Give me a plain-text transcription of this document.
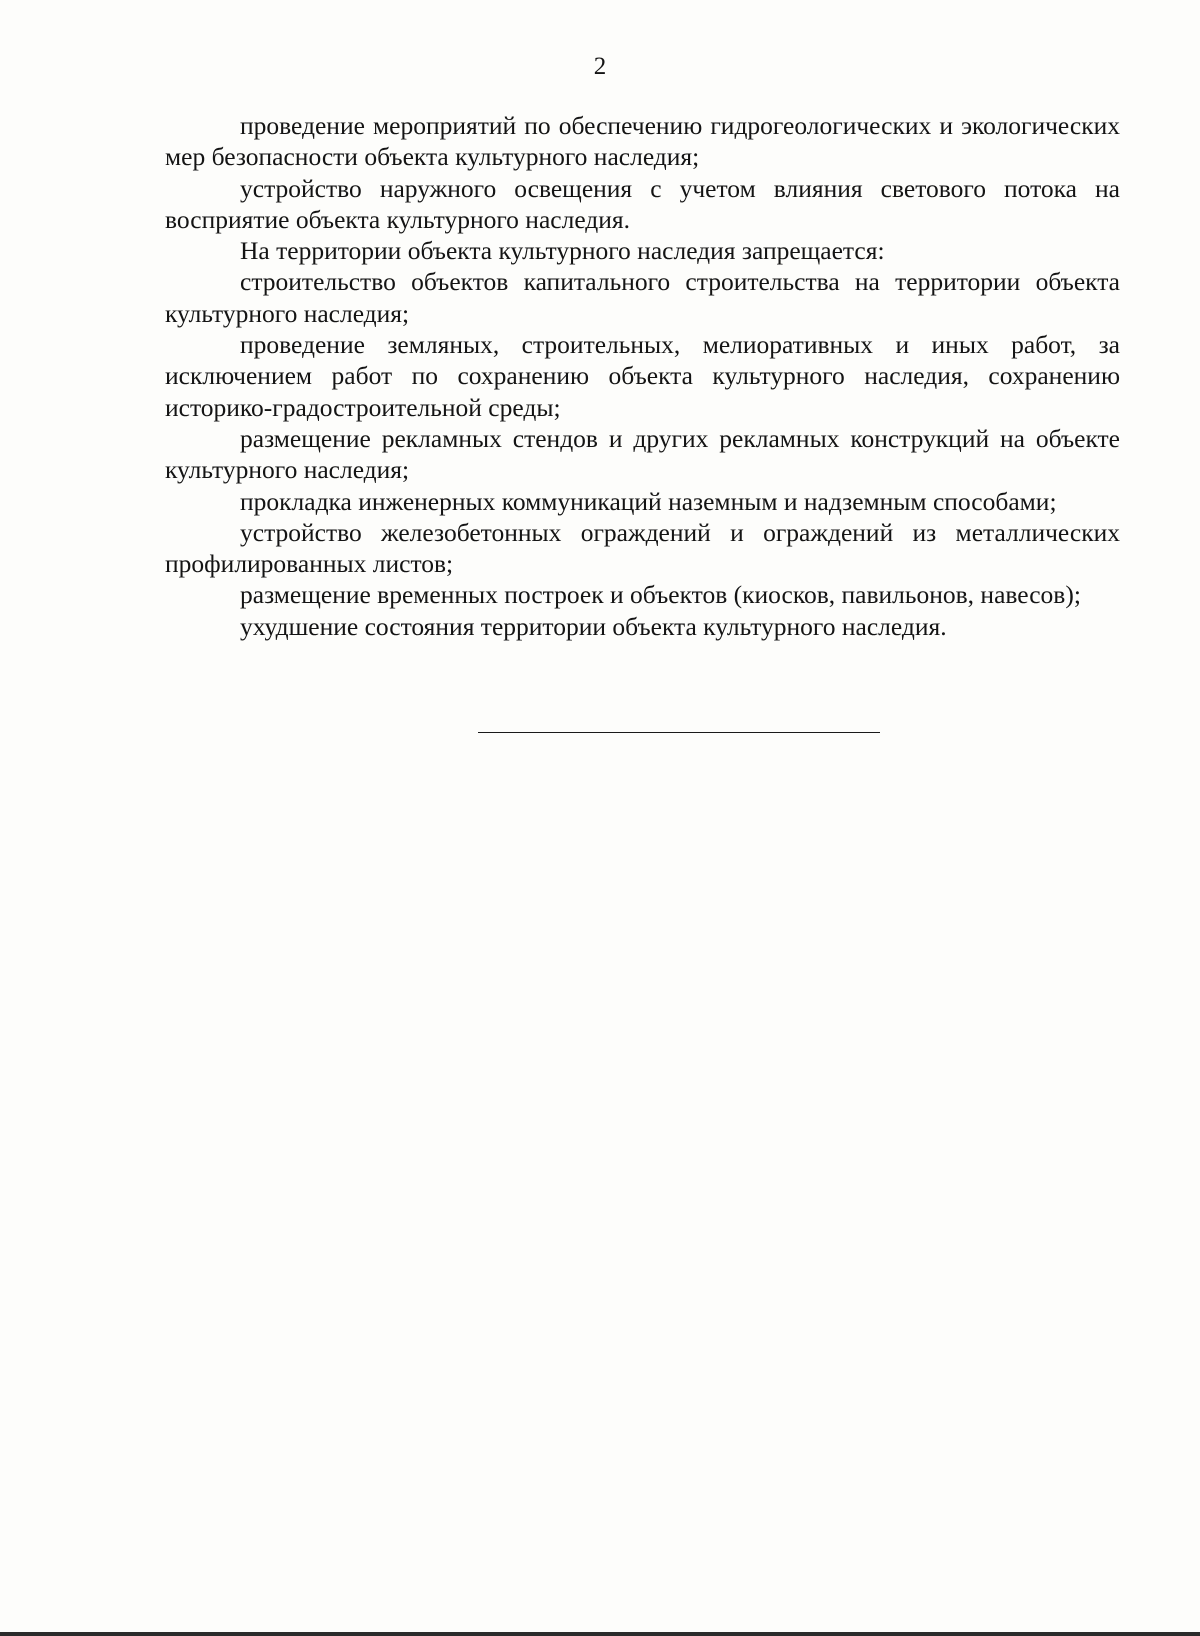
2

проведение мероприятий по обеспечению гидрогеологических и экологических мер безопасности объекта культурного наследия;

устройство наружного освещения с учетом влияния светового потока на восприятие объекта культурного наследия.

На территории объекта культурного наследия запрещается:

строительство объектов капитального строительства на территории объекта культурного наследия;

проведение земляных, строительных, мелиоративных и иных работ, за исключением работ по сохранению объекта культурного наследия, сохранению историко-градостроительной среды;

размещение рекламных стендов и других рекламных конструкций на объекте культурного наследия;

прокладка инженерных коммуникаций наземным и надземным способами;

устройство железобетонных ограждений и ограждений из металлических профилированных листов;

размещение временных построек и объектов (киосков, павильонов, навесов);

ухудшение состояния территории объекта культурного наследия.
